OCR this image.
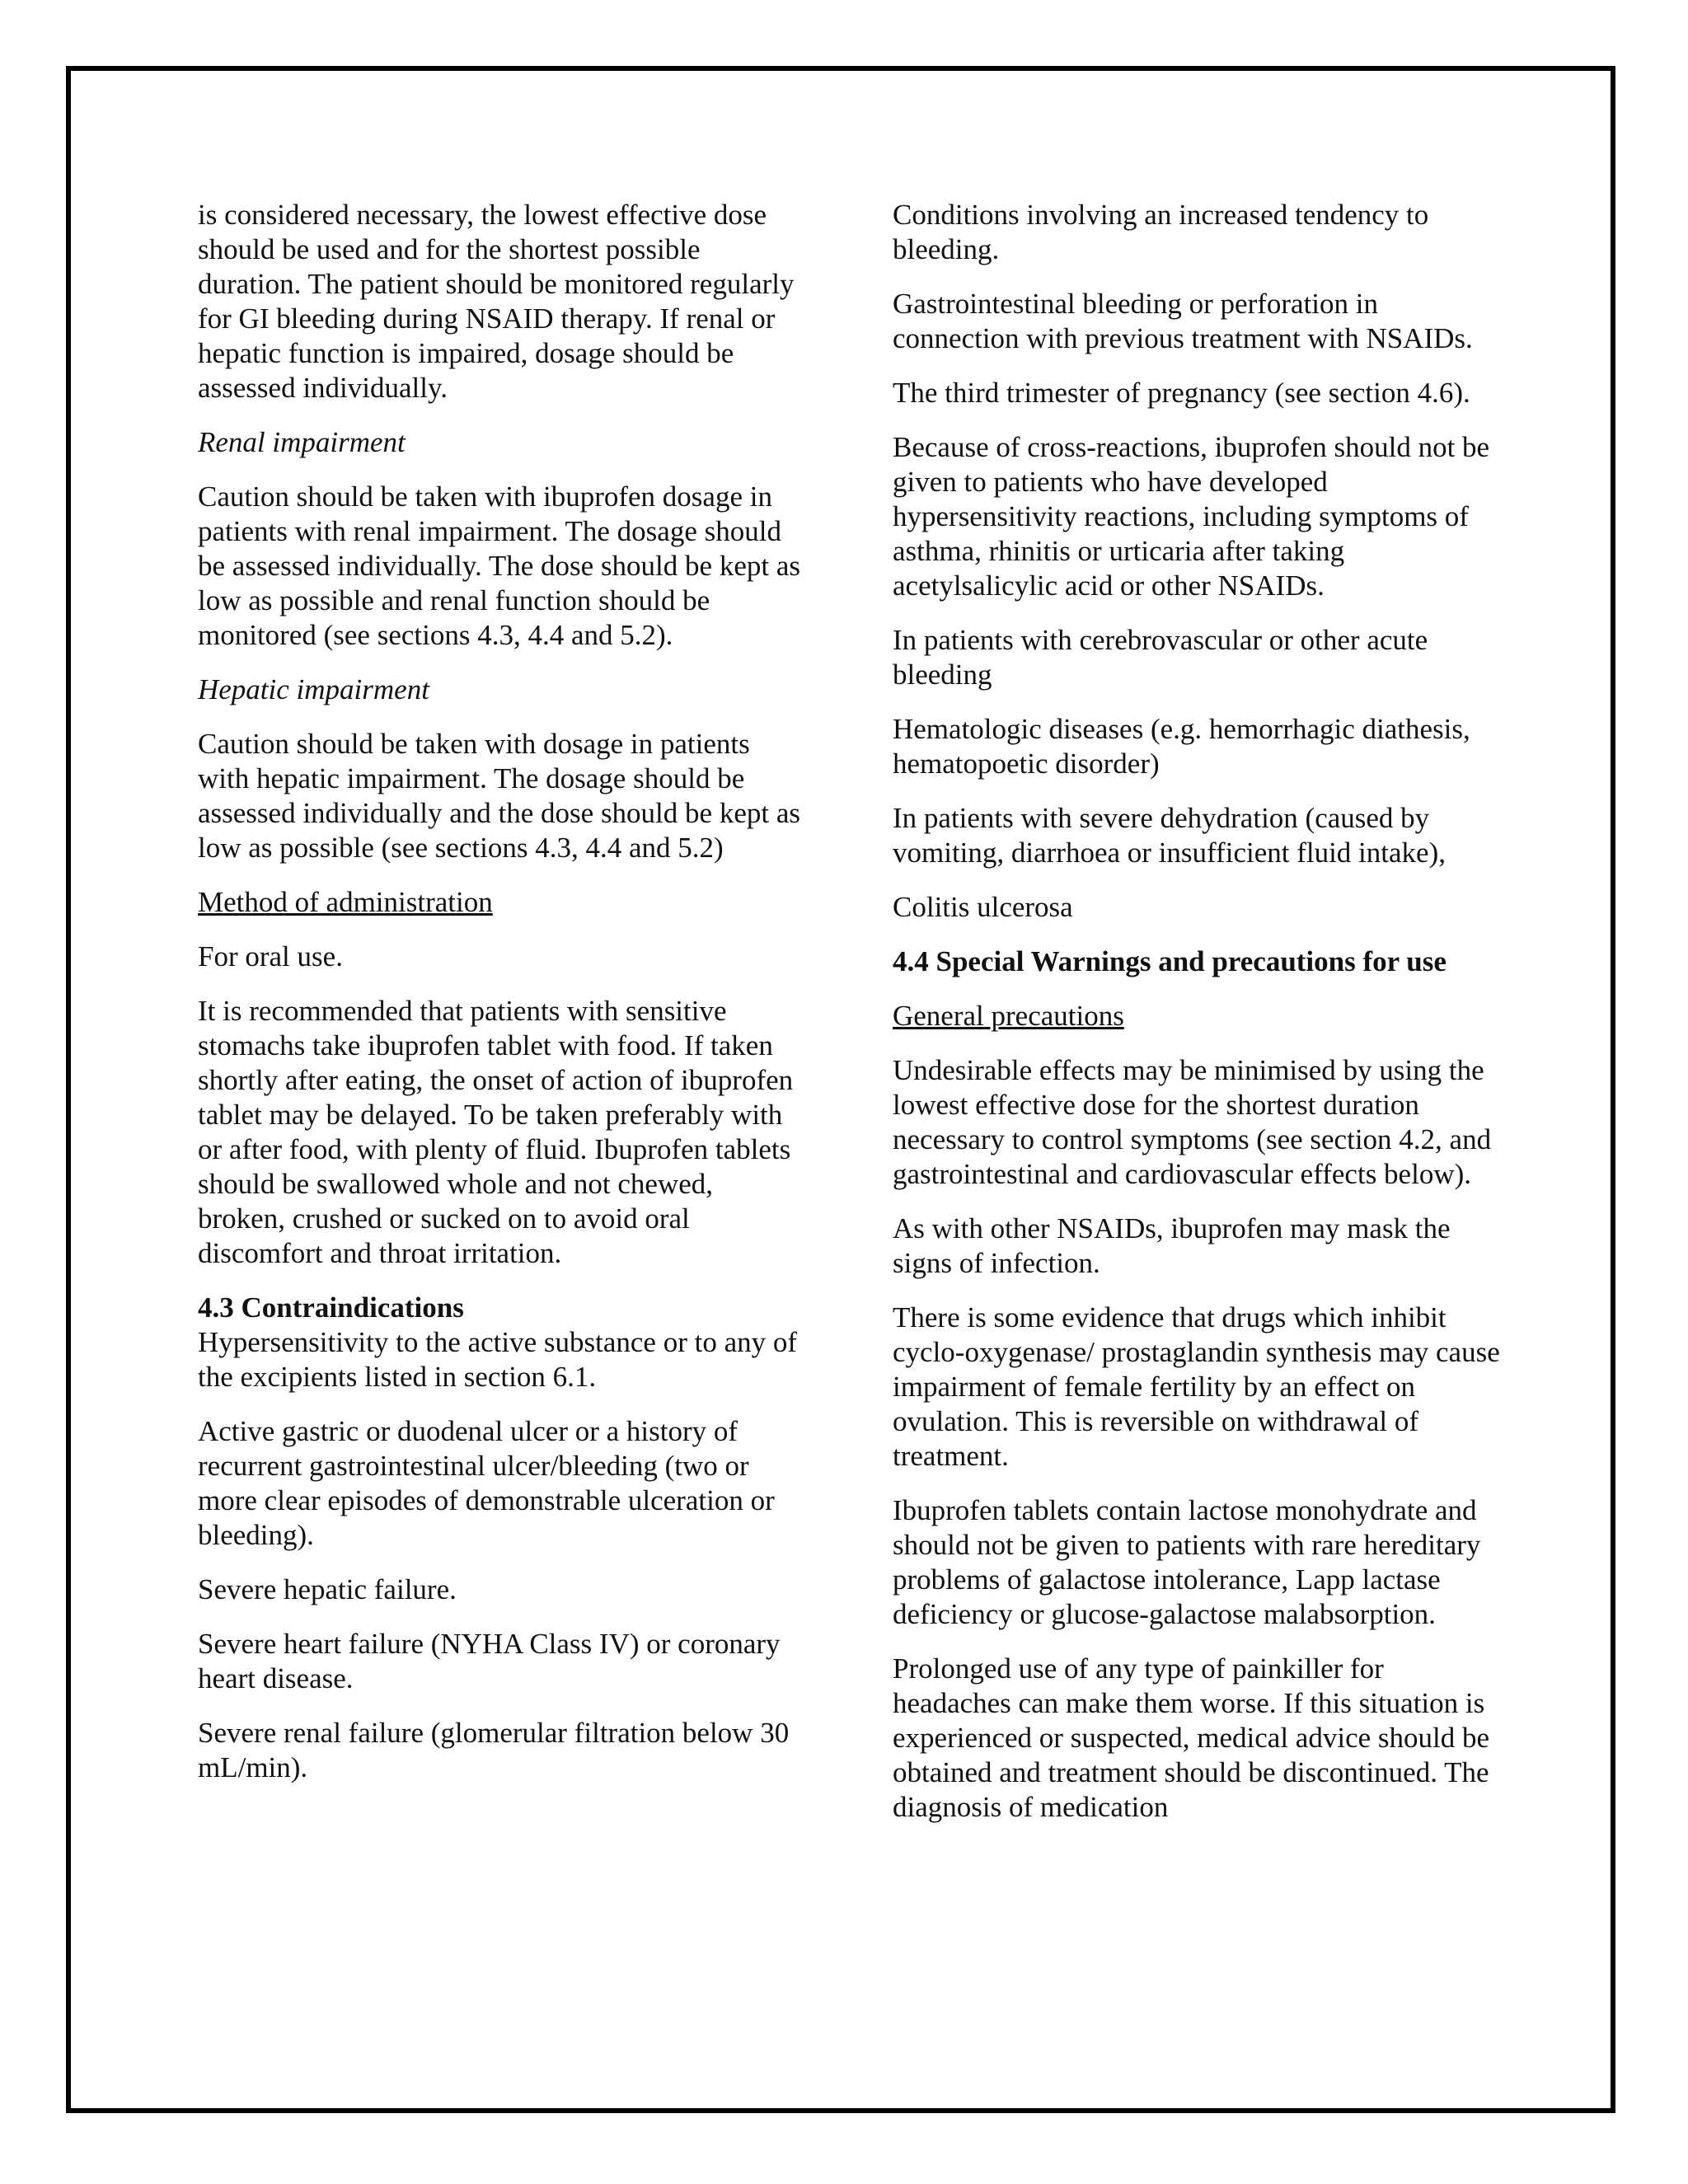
is considered necessary, the lowest effective dose should be used and for the shortest possible duration. The patient should be monitored regularly for GI bleeding during NSAID therapy. If renal or hepatic function is impaired, dosage should be assessed individually.

Renal impairment

Caution should be taken with ibuprofen dosage in patients with renal impairment. The dosage should be assessed individually. The dose should be kept as low as possible and renal function should be monitored (see sections 4.3, 4.4 and 5.2).

Hepatic impairment

Caution should be taken with dosage in patients with hepatic impairment. The dosage should be assessed individually and the dose should be kept as low as possible (see sections 4.3, 4.4 and 5.2)

Method of administration

For oral use.

It is recommended that patients with sensitive stomachs take ibuprofen tablet with food. If taken shortly after eating, the onset of action of ibuprofen tablet may be delayed. To be taken preferably with or after food, with plenty of fluid. Ibuprofen tablets should be swallowed whole and not chewed, broken, crushed or sucked on to avoid oral discomfort and throat irritation.

4.3 Contraindications

Hypersensitivity to the active substance or to any of the excipients listed in section 6.1.

Active gastric or duodenal ulcer or a history of recurrent gastrointestinal ulcer/bleeding (two or more clear episodes of demonstrable ulceration or bleeding).

Severe hepatic failure.

Severe heart failure (NYHA Class IV) or coronary heart disease.

Severe renal failure (glomerular filtration below 30 mL/min).

Conditions involving an increased tendency to bleeding.

Gastrointestinal bleeding or perforation in connection with previous treatment with NSAIDs.

The third trimester of pregnancy (see section 4.6).

Because of cross-reactions, ibuprofen should not be given to patients who have developed hypersensitivity reactions, including symptoms of asthma, rhinitis or urticaria after taking acetylsalicylic acid or other NSAIDs.

In patients with cerebrovascular or other acute bleeding

Hematologic diseases (e.g. hemorrhagic diathesis, hematopoetic disorder)

In patients with severe dehydration (caused by vomiting, diarrhoea or insufficient fluid intake),

Colitis ulcerosa

4.4 Special Warnings and precautions for use

General precautions

Undesirable effects may be minimised by using the lowest effective dose for the shortest duration necessary to control symptoms (see section 4.2, and gastrointestinal and cardiovascular effects below).

As with other NSAIDs, ibuprofen may mask the signs of infection.

There is some evidence that drugs which inhibit cyclo-oxygenase/ prostaglandin synthesis may cause impairment of female fertility by an effect on ovulation. This is reversible on withdrawal of treatment.

Ibuprofen tablets contain lactose monohydrate and should not be given to patients with rare hereditary problems of galactose intolerance, Lapp lactase deficiency or glucose-galactose malabsorption.

Prolonged use of any type of painkiller for headaches can make them worse. If this situation is experienced or suspected, medical advice should be obtained and treatment should be discontinued. The diagnosis of medication
